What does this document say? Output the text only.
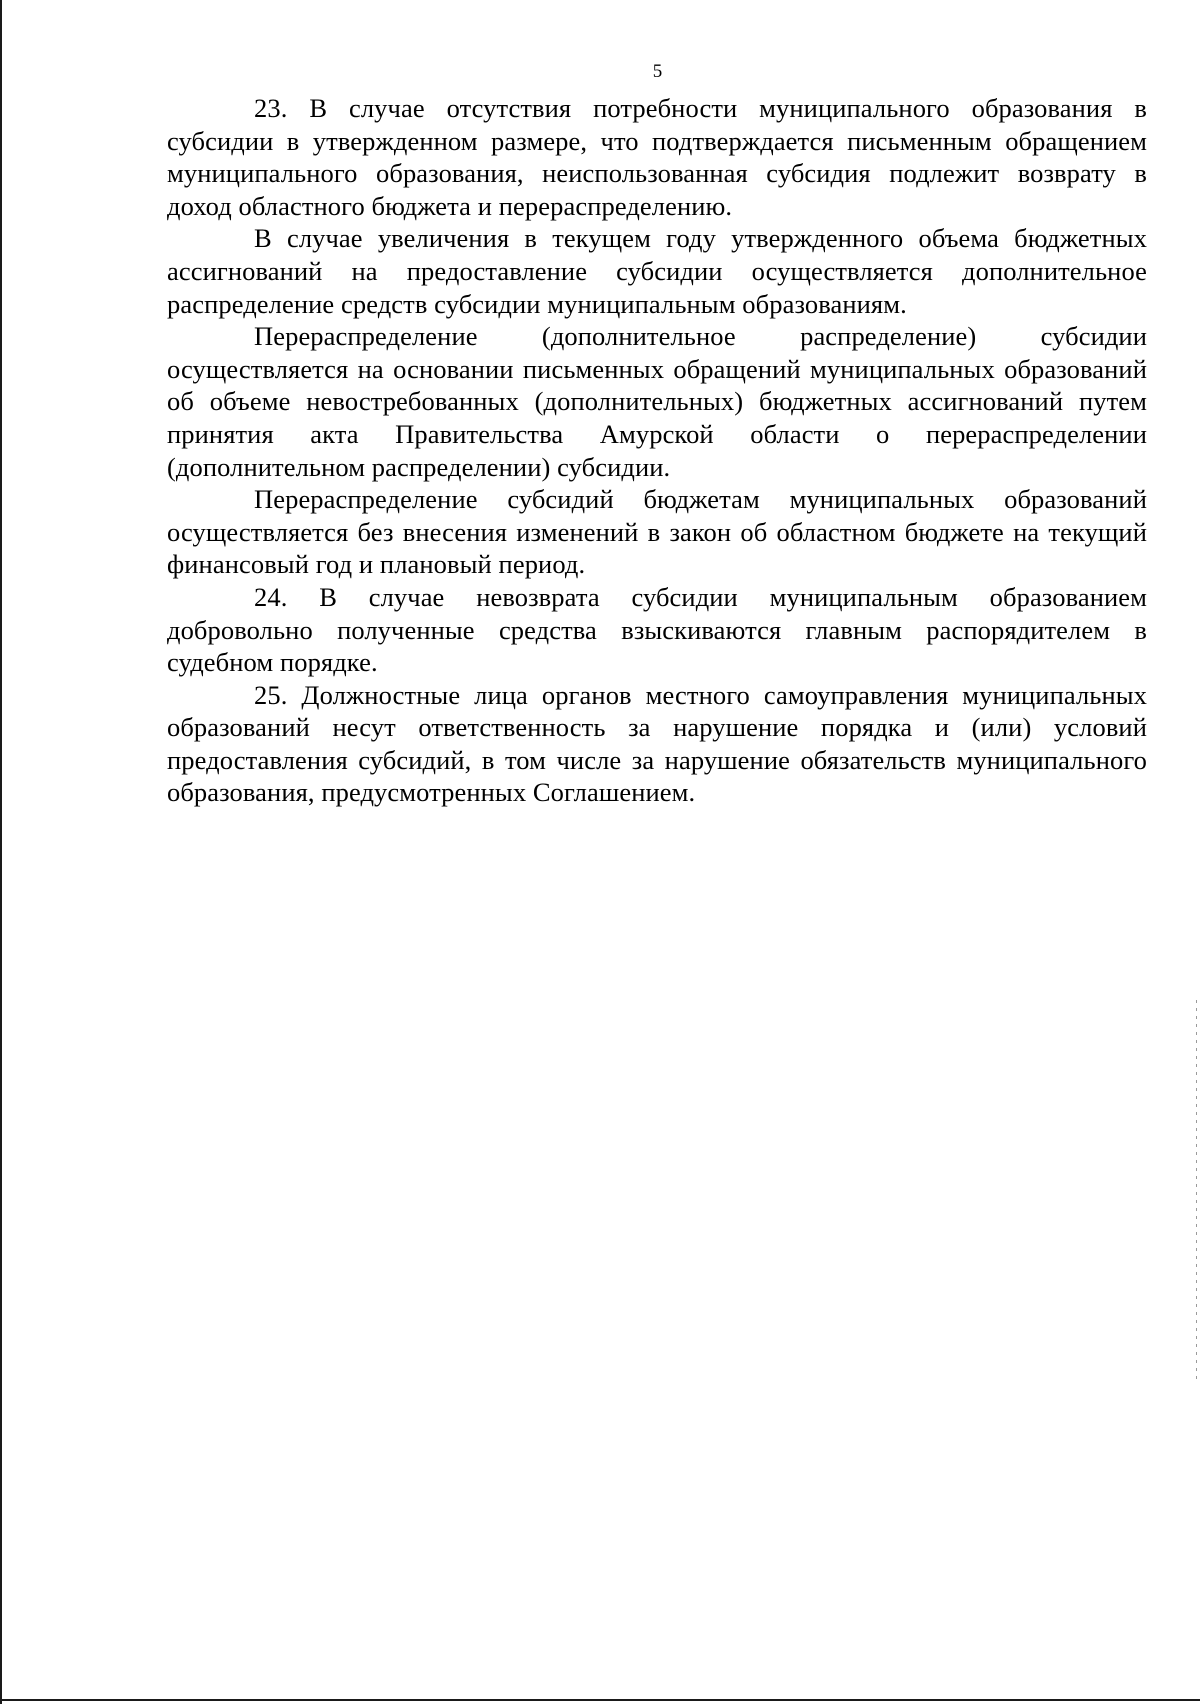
5

23. В случае отсутствия потребности муниципального образования в субсидии в утвержденном размере, что подтверждается письменным обращением муниципального образования, неиспользованная субсидия подлежит возврату в доход областного бюджета и перераспределению.

В случае увеличения в текущем году утвержденного объема бюджетных ассигнований на предоставление субсидии осуществляется дополнительное распределение средств субсидии муниципальным образованиям.

Перераспределение (дополнительное распределение) субсидии осуществляется на основании письменных обращений муниципальных образований об объеме невостребованных (дополнительных) бюджетных ассигнований путем принятия акта Правительства Амурской области о перераспределении (дополнительном распределении) субсидии.

Перераспределение субсидий бюджетам муниципальных образований осуществляется без внесения изменений в закон об областном бюджете на текущий финансовый год и плановый период.

24. В случае невозврата субсидии муниципальным образованием добровольно полученные средства взыскиваются главным распорядителем в судебном порядке.

25. Должностные лица органов местного самоуправления муниципальных образований несут ответственность за нарушение порядка и (или) условий предоставления субсидий, в том числе за нарушение обязательств муниципального образования, предусмотренных Соглашением.
